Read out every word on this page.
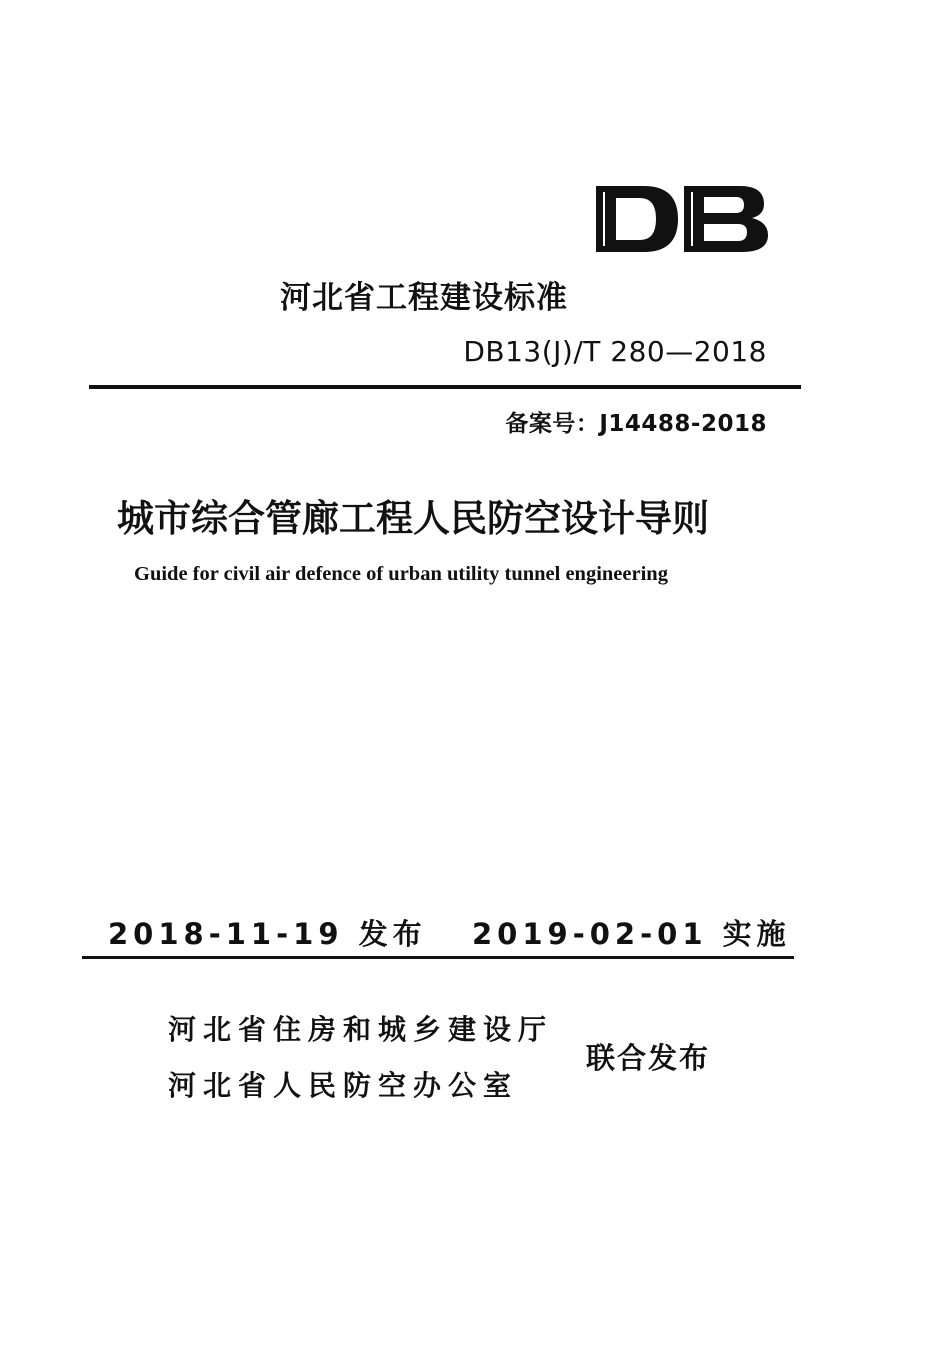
河北省工程建设标准
DB13(J)/T 280—2018
备案号：J14488-2018
城市综合管廊工程人民防空设计导则
Guide for civil air defence of urban utility tunnel engineering
2018-11-19 发布 2019-02-01 实施
河北省住房和城乡建设厅
河北省人民防空办公室
联合发布
